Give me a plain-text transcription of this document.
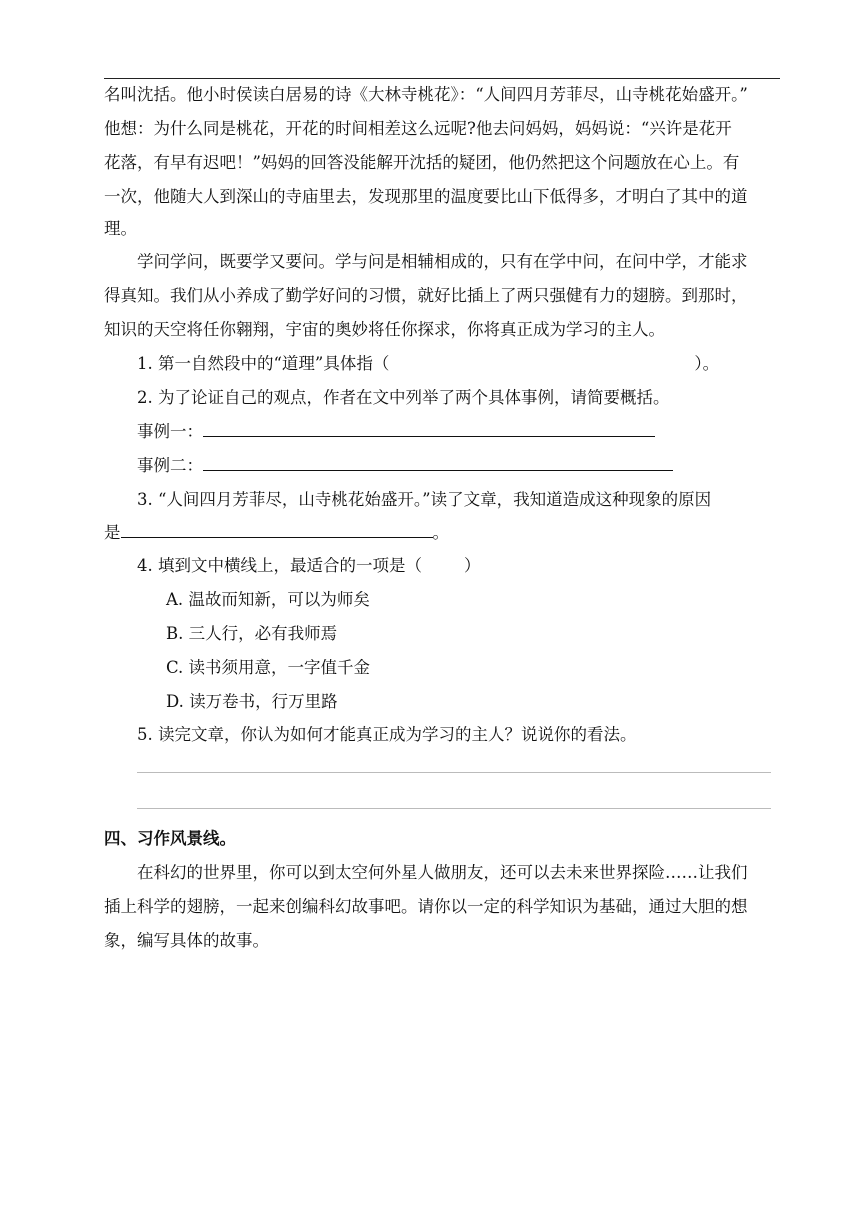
名叫沈括。他小时侯读白居易的诗《大林寺桃花》：“人间四月芳菲尽，山寺桃花始盛开。”
他想：为什么同是桃花，开花的时间相差这么远呢?他去问妈妈，妈妈说：“兴许是花开
花落，有早有迟吧！”妈妈的回答没能解开沈括的疑团，他仍然把这个问题放在心上。有
一次，他随大人到深山的寺庙里去，发现那里的温度要比山下低得多，才明白了其中的道
理。
学问学问，既要学又要问。学与问是相辅相成的，只有在学中问，在问中学，才能求
得真知。我们从小养成了勤学好问的习惯，就好比插上了两只强健有力的翅膀。到那时，
知识的天空将任你翱翔，宇宙的奥妙将任你探求，你将真正成为学习的主人。
1. 第一自然段中的“道理”具体指（	）。
2. 为了论证自己的观点，作者在文中列举了两个具体事例，请简要概括。
事例一：
事例二：
3. “人间四月芳菲尽，山寺桃花始盛开。”读了文章，我知道造成这种现象的原因
是	。
4. 填到文中横线上，最适合的一项是（	）
A. 温故而知新，可以为师矣
B. 三人行，必有我师焉
C. 读书须用意，一字值千金
D. 读万卷书，行万里路
5. 读完文章，你认为如何才能真正成为学习的主人？说说你的看法。
四、习作风景线。
在科幻的世界里，你可以到太空何外星人做朋友，还可以去未来世界探险……让我们
插上科学的翅膀，一起来创编科幻故事吧。请你以一定的科学知识为基础，通过大胆的想
象，编写具体的故事。
